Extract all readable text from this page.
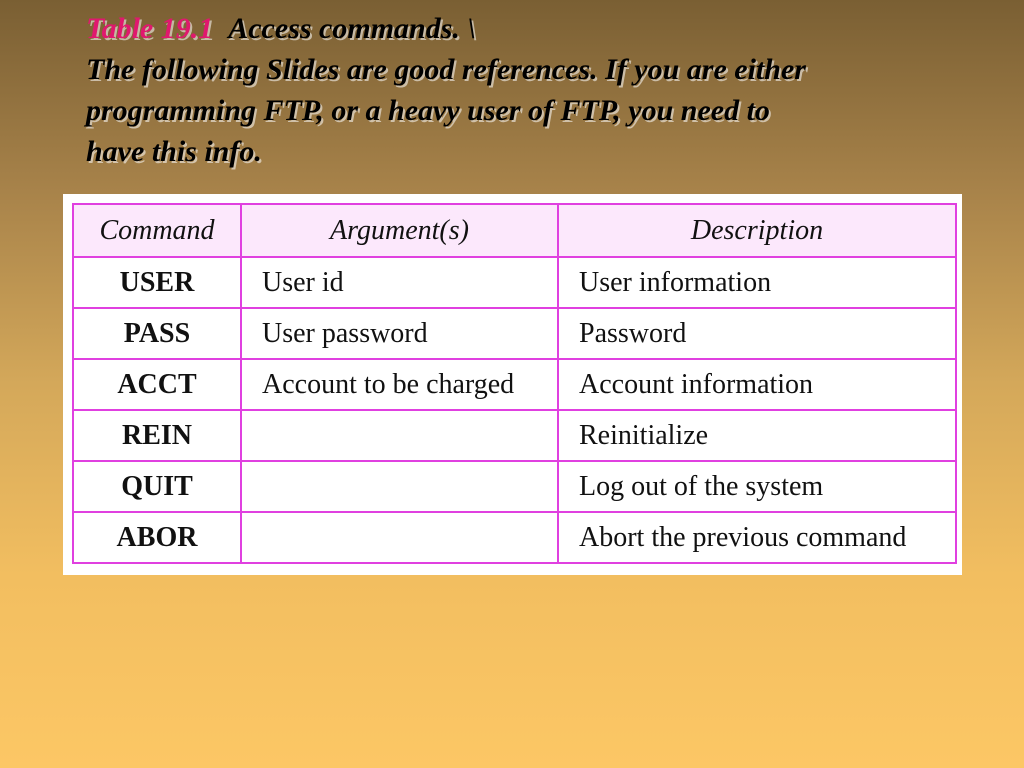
Table 19.1 Access commands. \
The following Slides are good references. If you are either
programming FTP, or a heavy user of FTP, you need to
have this info.
Command	Argument(s)	Description
USER	User id	User information
PASS	User password	Password
ACCT	Account to be charged	Account information
REIN		Reinitialize
QUIT		Log out of the system
ABOR		Abort the previous command
